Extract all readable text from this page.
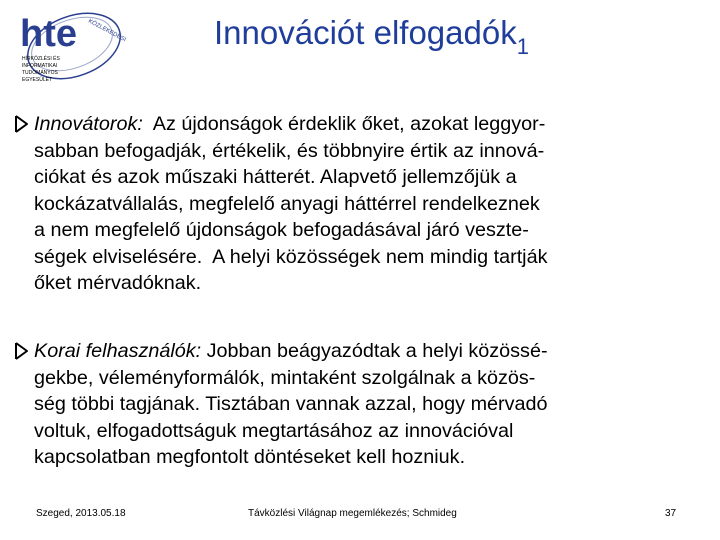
hte KÖZLEKEDÉSI
HÍRKÖZLÉSI ÉS
INFORMATIKAI
TUDOMÁNYOS
EGYESÜLET
Innovációt elfogadók$_1$
Innovátorok:  Az újdonságok érdeklik őket, azokat leggyor-
sabban befogadják, értékelik, és többnyire értik az innová-
ciókat és azok műszaki hátterét. Alapvető jellemzőjük a
kockázatvállalás, megfelelő anyagi háttérrel rendelkeznek
a nem megfelelő újdonságok befogadásával járó veszte-
ségek elviselésére.  A helyi közösségek nem mindig tartják
őket mérvadóknak.
Korai felhasználók: Jobban beágyazódtak a helyi közössé-
gekbe, véleményformálók, mintaként szolgálnak a közös-
ség többi tagjának. Tisztában vannak azzal, hogy mérvadó
voltuk, elfogadottságuk megtartásához az innovációval
kapcsolatban megfontolt döntéseket kell hozniuk.
Szeged, 2013.05.18	Távközlési Világnap megemlékezés; Schmideg	37
